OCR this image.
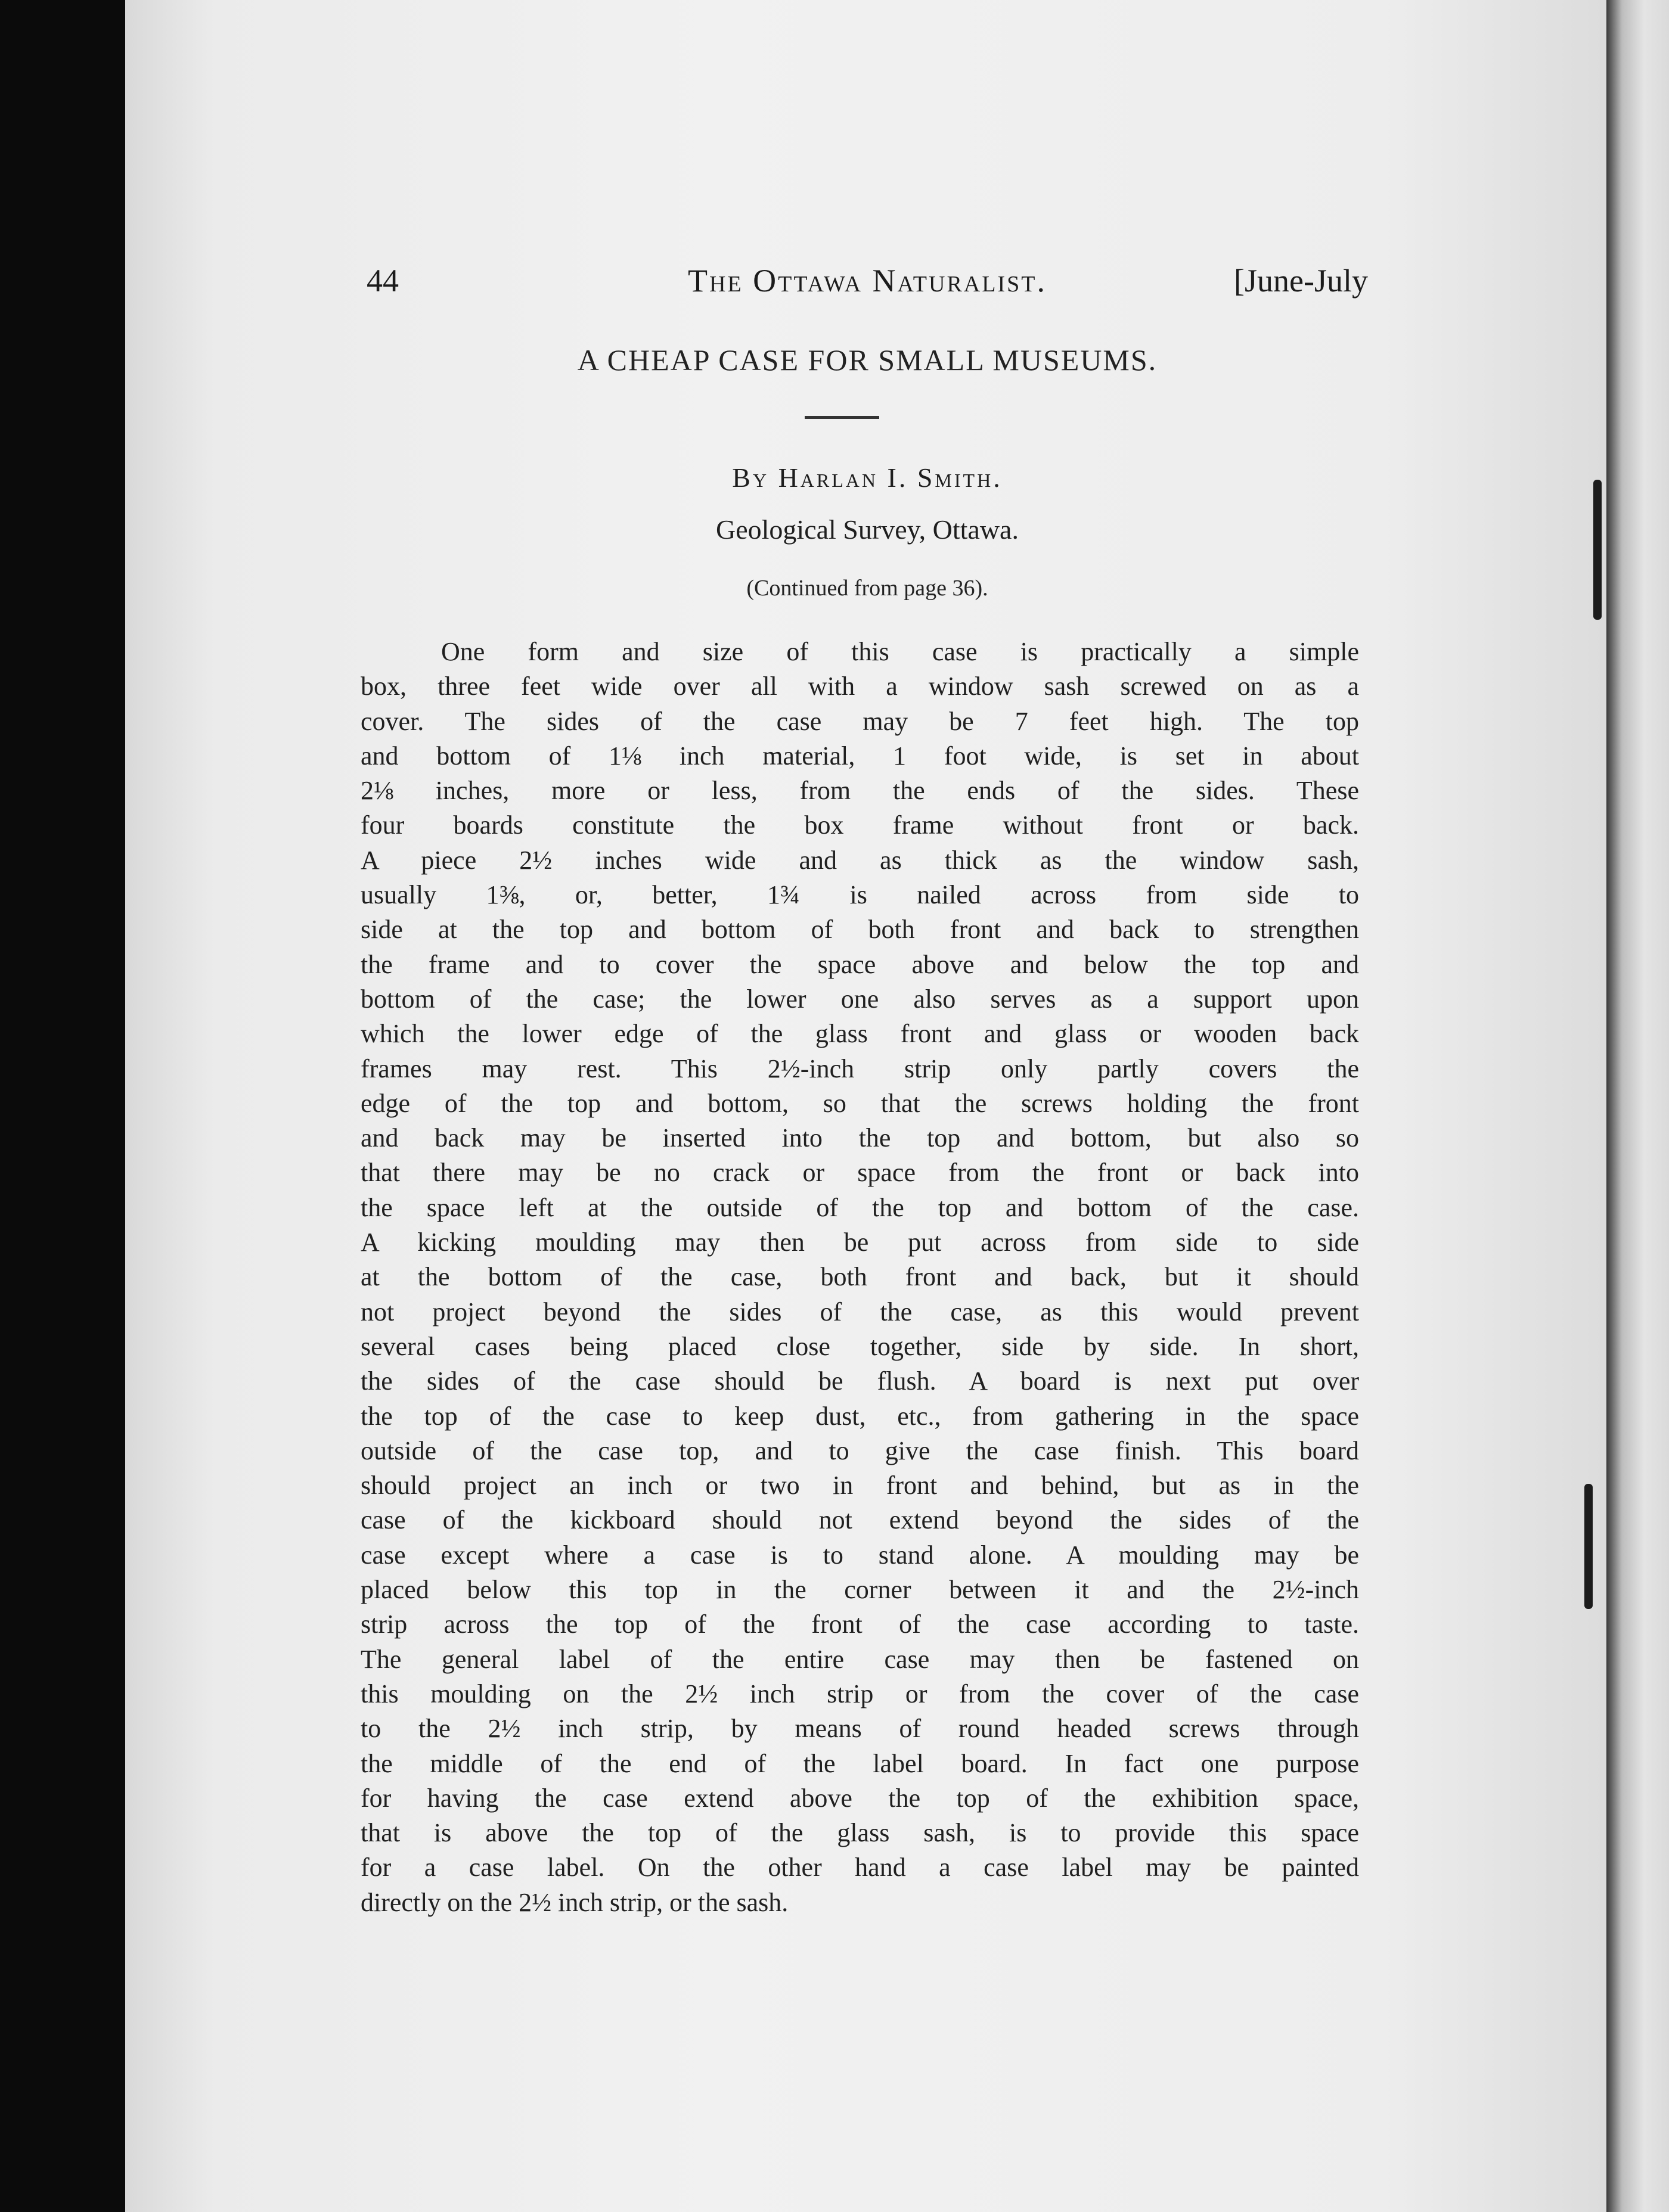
44	The Ottawa Naturalist.	[June-July
A CHEAP CASE FOR SMALL MUSEUMS.
By Harlan I. Smith.
Geological Survey, Ottawa.
(Continued from page 36).
One form and size of this case is practically a simple
box, three feet wide over all with a window sash screwed on as a
cover. The sides of the case may be 7 feet high. The top
and bottom of 1⅛ inch material, 1 foot wide, is set in about
2⅛ inches, more or less, from the ends of the sides. These
four boards constitute the box frame without front or back.
A piece 2½ inches wide and as thick as the window sash,
usually 1⅜, or, better, 1¾ is nailed across from side to
side at the top and bottom of both front and back to strengthen
the frame and to cover the space above and below the top and
bottom of the case; the lower one also serves as a support upon
which the lower edge of the glass front and glass or wooden back
frames may rest. This 2½-inch strip only partly covers the
edge of the top and bottom, so that the screws holding the front
and back may be inserted into the top and bottom, but also so
that there may be no crack or space from the front or back into
the space left at the outside of the top and bottom of the case.
A kicking moulding may then be put across from side to side
at the bottom of the case, both front and back, but it should
not project beyond the sides of the case, as this would prevent
several cases being placed close together, side by side. In short,
the sides of the case should be flush. A board is next put over
the top of the case to keep dust, etc., from gathering in the space
outside of the case top, and to give the case finish. This board
should project an inch or two in front and behind, but as in the
case of the kickboard should not extend beyond the sides of the
case except where a case is to stand alone. A moulding may be
placed below this top in the corner between it and the 2½-inch
strip across the top of the front of the case according to taste.
The general label of the entire case may then be fastened on
this moulding on the 2½ inch strip or from the cover of the case
to the 2½ inch strip, by means of round headed screws through
the middle of the end of the label board. In fact one purpose
for having the case extend above the top of the exhibition space,
that is above the top of the glass sash, is to provide this space
for a case label. On the other hand a case label may be painted
directly on the 2½ inch strip, or the sash.
